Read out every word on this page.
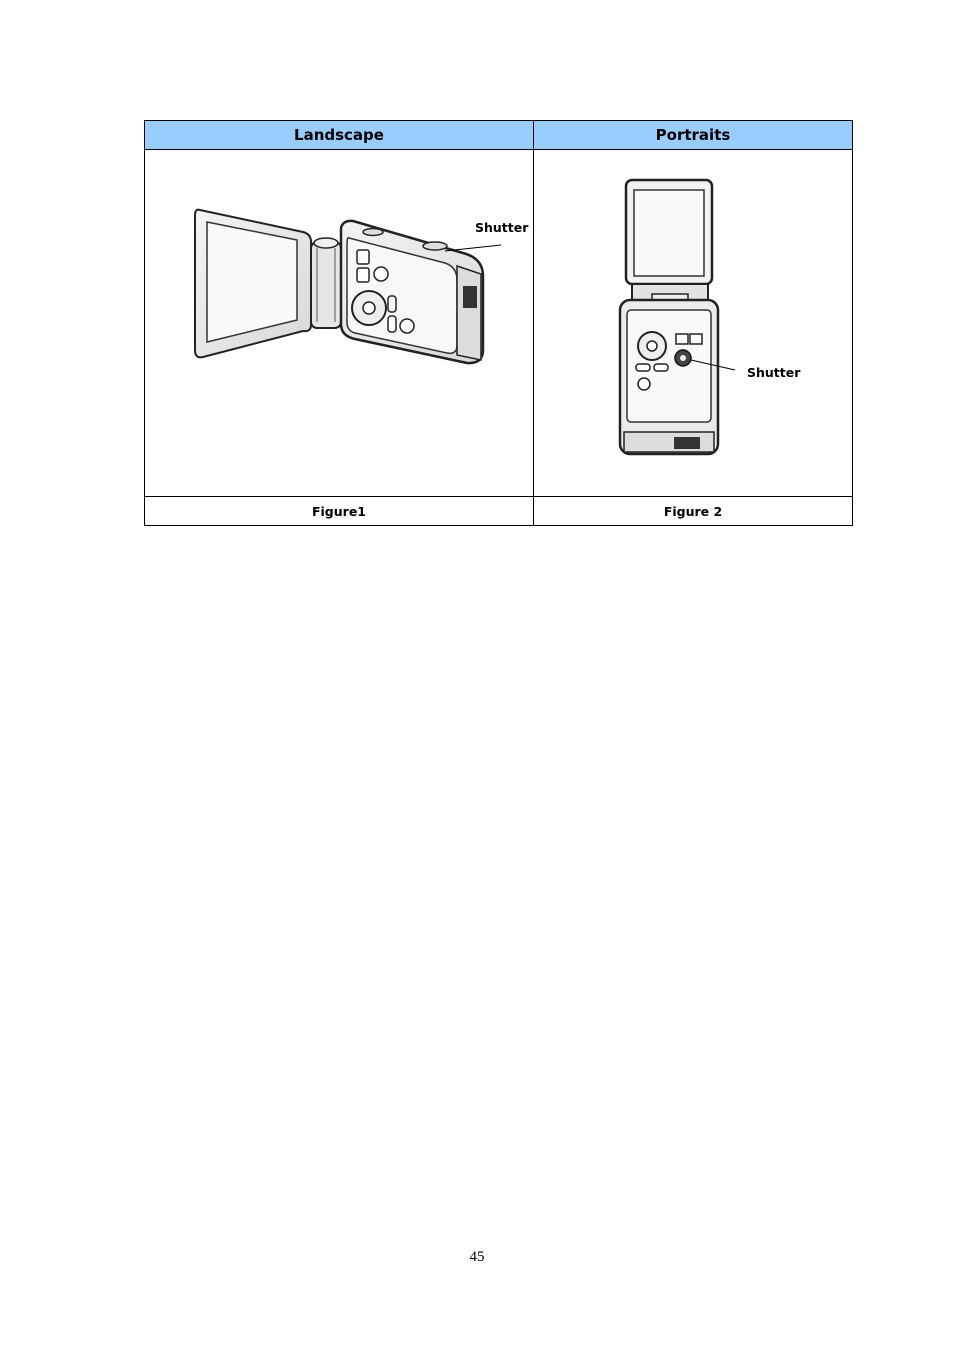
Landscape	Portraits

Shutter	Shutter

Figure1	Figure 2
45
